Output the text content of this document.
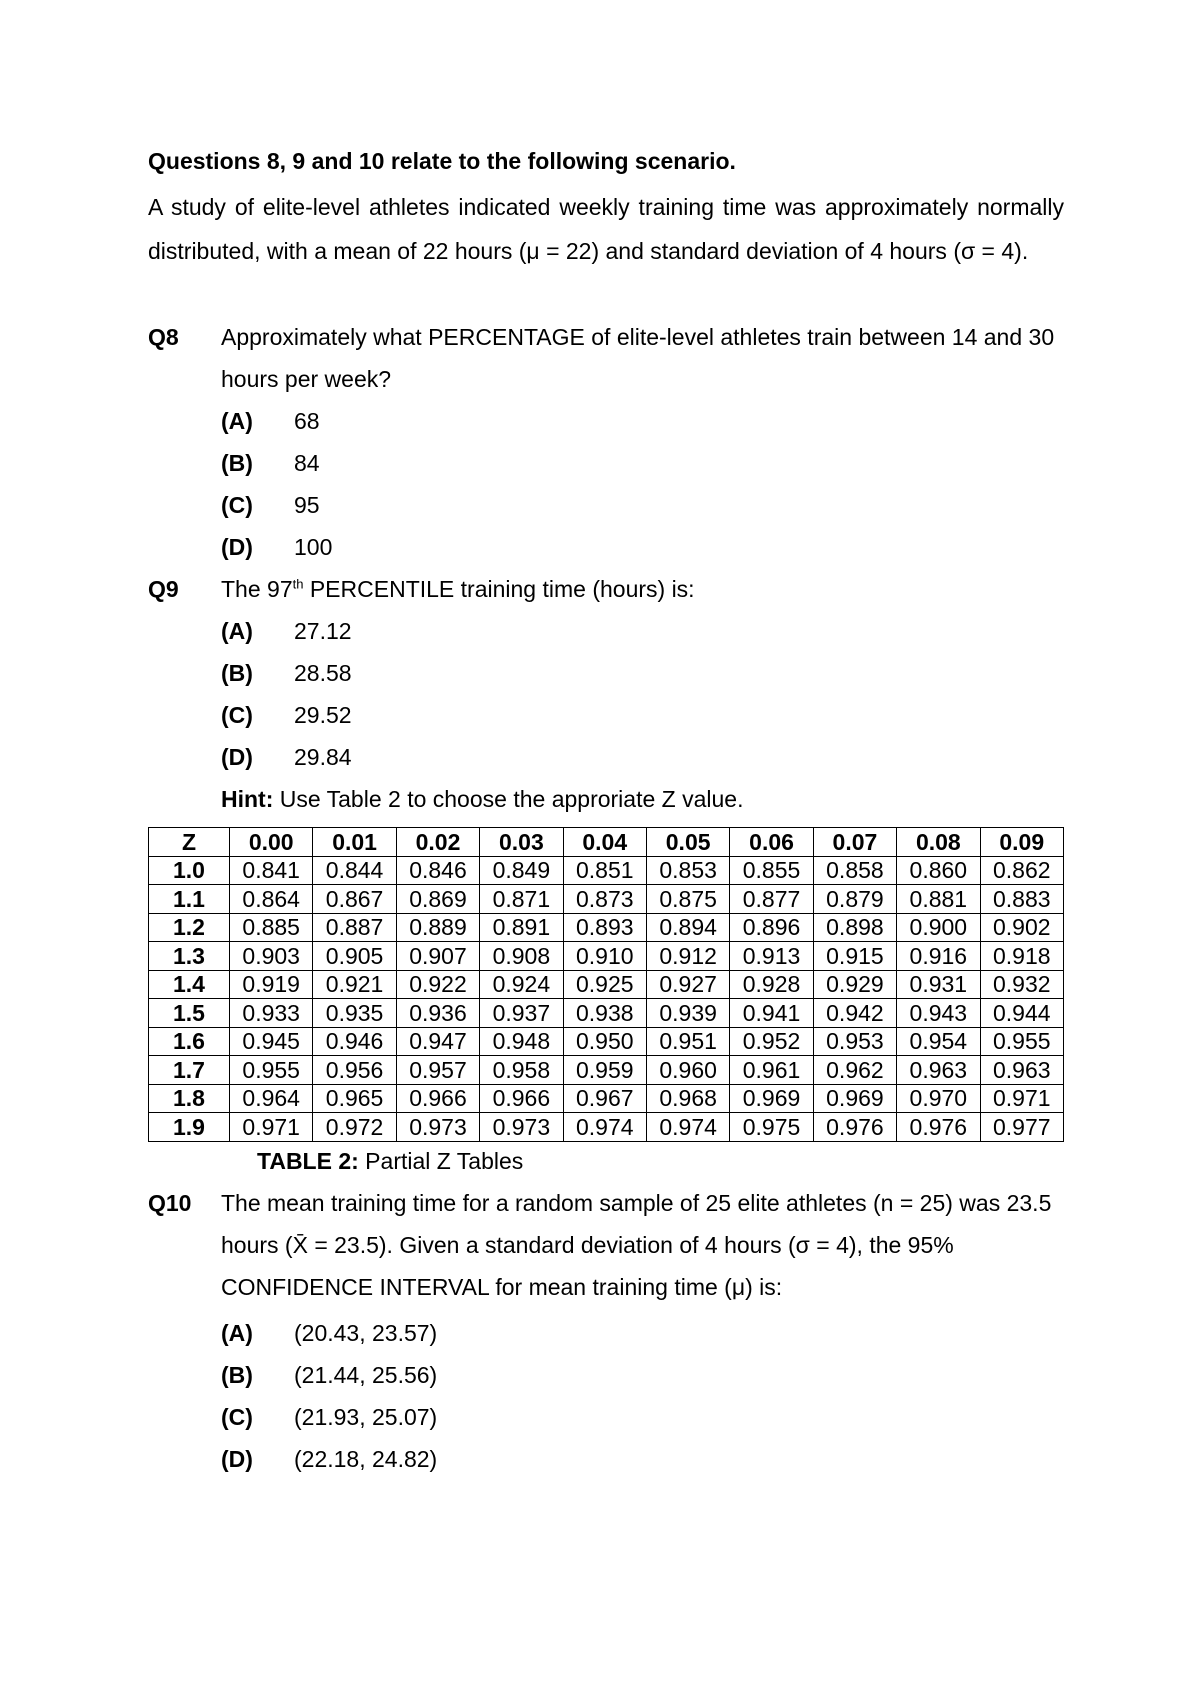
Questions 8, 9 and 10 relate to the following scenario.

A study of elite-level athletes indicated weekly training time was approximately normally distributed, with a mean of 22 hours (μ = 22) and standard deviation of 4 hours (σ = 4).

Q8 Approximately what PERCENTAGE of elite-level athletes train between 14 and 30 hours per week?

(A) 68
(B) 84
(C) 95
(D) 100
Q9 The 97th PERCENTILE training time (hours) is:
(A) 27.12
(B) 28.58
(C) 29.52
(D) 29.84
Hint: Use Table 2 to choose the approriate Z value.
Z	0.00	0.01	0.02	0.03	0.04	0.05	0.06	0.07	0.08	0.09
1.0	0.841	0.844	0.846	0.849	0.851	0.853	0.855	0.858	0.860	0.862
1.1	0.864	0.867	0.869	0.871	0.873	0.875	0.877	0.879	0.881	0.883
1.2	0.885	0.887	0.889	0.891	0.893	0.894	0.896	0.898	0.900	0.902
1.3	0.903	0.905	0.907	0.908	0.910	0.912	0.913	0.915	0.916	0.918
1.4	0.919	0.921	0.922	0.924	0.925	0.927	0.928	0.929	0.931	0.932
1.5	0.933	0.935	0.936	0.937	0.938	0.939	0.941	0.942	0.943	0.944
1.6	0.945	0.946	0.947	0.948	0.950	0.951	0.952	0.953	0.954	0.955
1.7	0.955	0.956	0.957	0.958	0.959	0.960	0.961	0.962	0.963	0.963
1.8	0.964	0.965	0.966	0.966	0.967	0.968	0.969	0.969	0.970	0.971
1.9	0.971	0.972	0.973	0.973	0.974	0.974	0.975	0.976	0.976	0.977
TABLE 2: Partial Z Tables
Q10 The mean training time for a random sample of 25 elite athletes (n = 25) was 23.5 hours (X̄ = 23.5). Given a standard deviation of 4 hours (σ = 4), the 95% CONFIDENCE INTERVAL for mean training time (μ) is:

(A) (20.43, 23.57)
(B) (21.44, 25.56)
(C) (21.93, 25.07)
(D) (22.18, 24.82)
